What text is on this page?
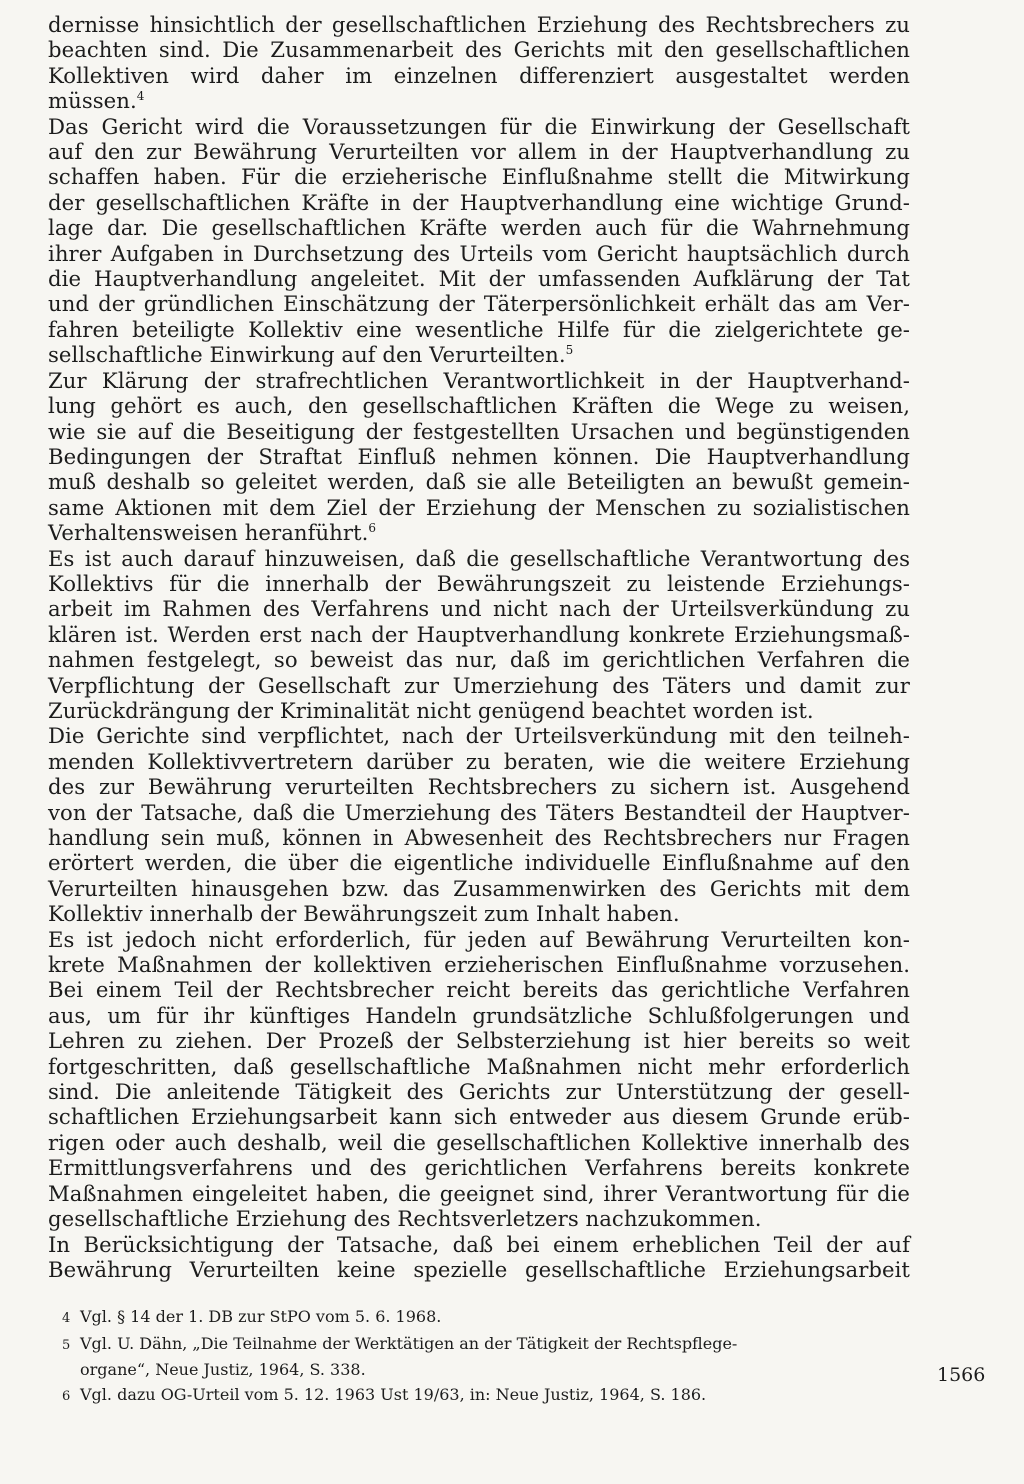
dernisse hinsichtlich der gesellschaftlichen Erziehung des Rechtsbrechers zu
beachten sind. Die Zusammenarbeit des Gerichts mit den gesellschaftlichen
Kollektiven wird daher im einzelnen differenziert ausgestaltet werden
müssen.$^4$

Das Gericht wird die Voraussetzungen für die Einwirkung der Gesellschaft
auf den zur Bewährung Verurteilten vor allem in der Hauptverhandlung zu
schaffen haben. Für die erzieherische Einflußnahme stellt die Mitwirkung
der gesellschaftlichen Kräfte in der Hauptverhandlung eine wichtige Grund-
lage dar. Die gesellschaftlichen Kräfte werden auch für die Wahrnehmung
ihrer Aufgaben in Durchsetzung des Urteils vom Gericht hauptsächlich durch
die Hauptverhandlung angeleitet. Mit der umfassenden Aufklärung der Tat
und der gründlichen Einschätzung der Täterpersönlichkeit erhält das am Ver-
fahren beteiligte Kollektiv eine wesentliche Hilfe für die zielgerichtete ge-
sellschaftliche Einwirkung auf den Verurteilten.$^5$

Zur Klärung der strafrechtlichen Verantwortlichkeit in der Hauptverhand-
lung gehört es auch, den gesellschaftlichen Kräften die Wege zu weisen,
wie sie auf die Beseitigung der festgestellten Ursachen und begünstigenden
Bedingungen der Straftat Einfluß nehmen können. Die Hauptverhandlung
muß deshalb so geleitet werden, daß sie alle Beteiligten an bewußt gemein-
same Aktionen mit dem Ziel der Erziehung der Menschen zu sozialistischen
Verhaltensweisen heranführt.$^6$

Es ist auch darauf hinzuweisen, daß die gesellschaftliche Verantwortung des
Kollektivs für die innerhalb der Bewährungszeit zu leistende Erziehungs-
arbeit im Rahmen des Verfahrens und nicht nach der Urteilsverkündung zu
klären ist. Werden erst nach der Hauptverhandlung konkrete Erziehungsmaß-
nahmen festgelegt, so beweist das nur, daß im gerichtlichen Verfahren die
Verpflichtung der Gesellschaft zur Umerziehung des Täters und damit zur
Zurückdrängung der Kriminalität nicht genügend beachtet worden ist.

Die Gerichte sind verpflichtet, nach der Urteilsverkündung mit den teilneh-
menden Kollektivvertretern darüber zu beraten, wie die weitere Erziehung
des zur Bewährung verurteilten Rechtsbrechers zu sichern ist. Ausgehend
von der Tatsache, daß die Umerziehung des Täters Bestandteil der Hauptver-
handlung sein muß, können in Abwesenheit des Rechtsbrechers nur Fragen
erörtert werden, die über die eigentliche individuelle Einflußnahme auf den
Verurteilten hinausgehen bzw. das Zusammenwirken des Gerichts mit dem
Kollektiv innerhalb der Bewährungszeit zum Inhalt haben.

Es ist jedoch nicht erforderlich, für jeden auf Bewährung Verurteilten kon-
krete Maßnahmen der kollektiven erzieherischen Einflußnahme vorzusehen.
Bei einem Teil der Rechtsbrecher reicht bereits das gerichtliche Verfahren
aus, um für ihr künftiges Handeln grundsätzliche Schlußfolgerungen und
Lehren zu ziehen. Der Prozeß der Selbsterziehung ist hier bereits so weit
fortgeschritten, daß gesellschaftliche Maßnahmen nicht mehr erforderlich
sind. Die anleitende Tätigkeit des Gerichts zur Unterstützung der gesell-
schaftlichen Erziehungsarbeit kann sich entweder aus diesem Grunde erüb-
rigen oder auch deshalb, weil die gesellschaftlichen Kollektive innerhalb des
Ermittlungsverfahrens und des gerichtlichen Verfahrens bereits konkrete
Maßnahmen eingeleitet haben, die geeignet sind, ihrer Verantwortung für die
gesellschaftliche Erziehung des Rechtsverletzers nachzukommen.

In Berücksichtigung der Tatsache, daß bei einem erheblichen Teil der auf
Bewährung Verurteilten keine spezielle gesellschaftliche Erziehungsarbeit

4 Vgl. § 14 der 1. DB zur StPO vom 5. 6. 1968.
5 Vgl. U. Dähn, „Die Teilnahme der Werktätigen an der Tätigkeit der Rechtspflege-
organe“, Neue Justiz, 1964, S. 338.
6 Vgl. dazu OG-Urteil vom 5. 12. 1963 Ust 19/63, in: Neue Justiz, 1964, S. 186.
1566
